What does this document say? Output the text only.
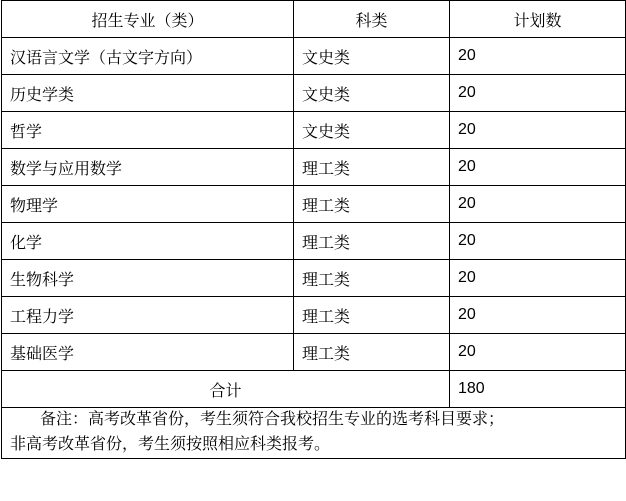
招生专业（类）	科类	计划数
汉语言文学（古文字方向）	文史类	20
历史学类	文史类	20
哲学	文史类	20
数学与应用数学	理工类	20
物理学	理工类	20
化学	理工类	20
生物科学	理工类	20
工程力学	理工类	20
基础医学	理工类	20
合计		180

备注：高考改革省份，考生须符合我校招生专业的选考科目要求；
非高考改革省份，考生须按照相应科类报考。		
